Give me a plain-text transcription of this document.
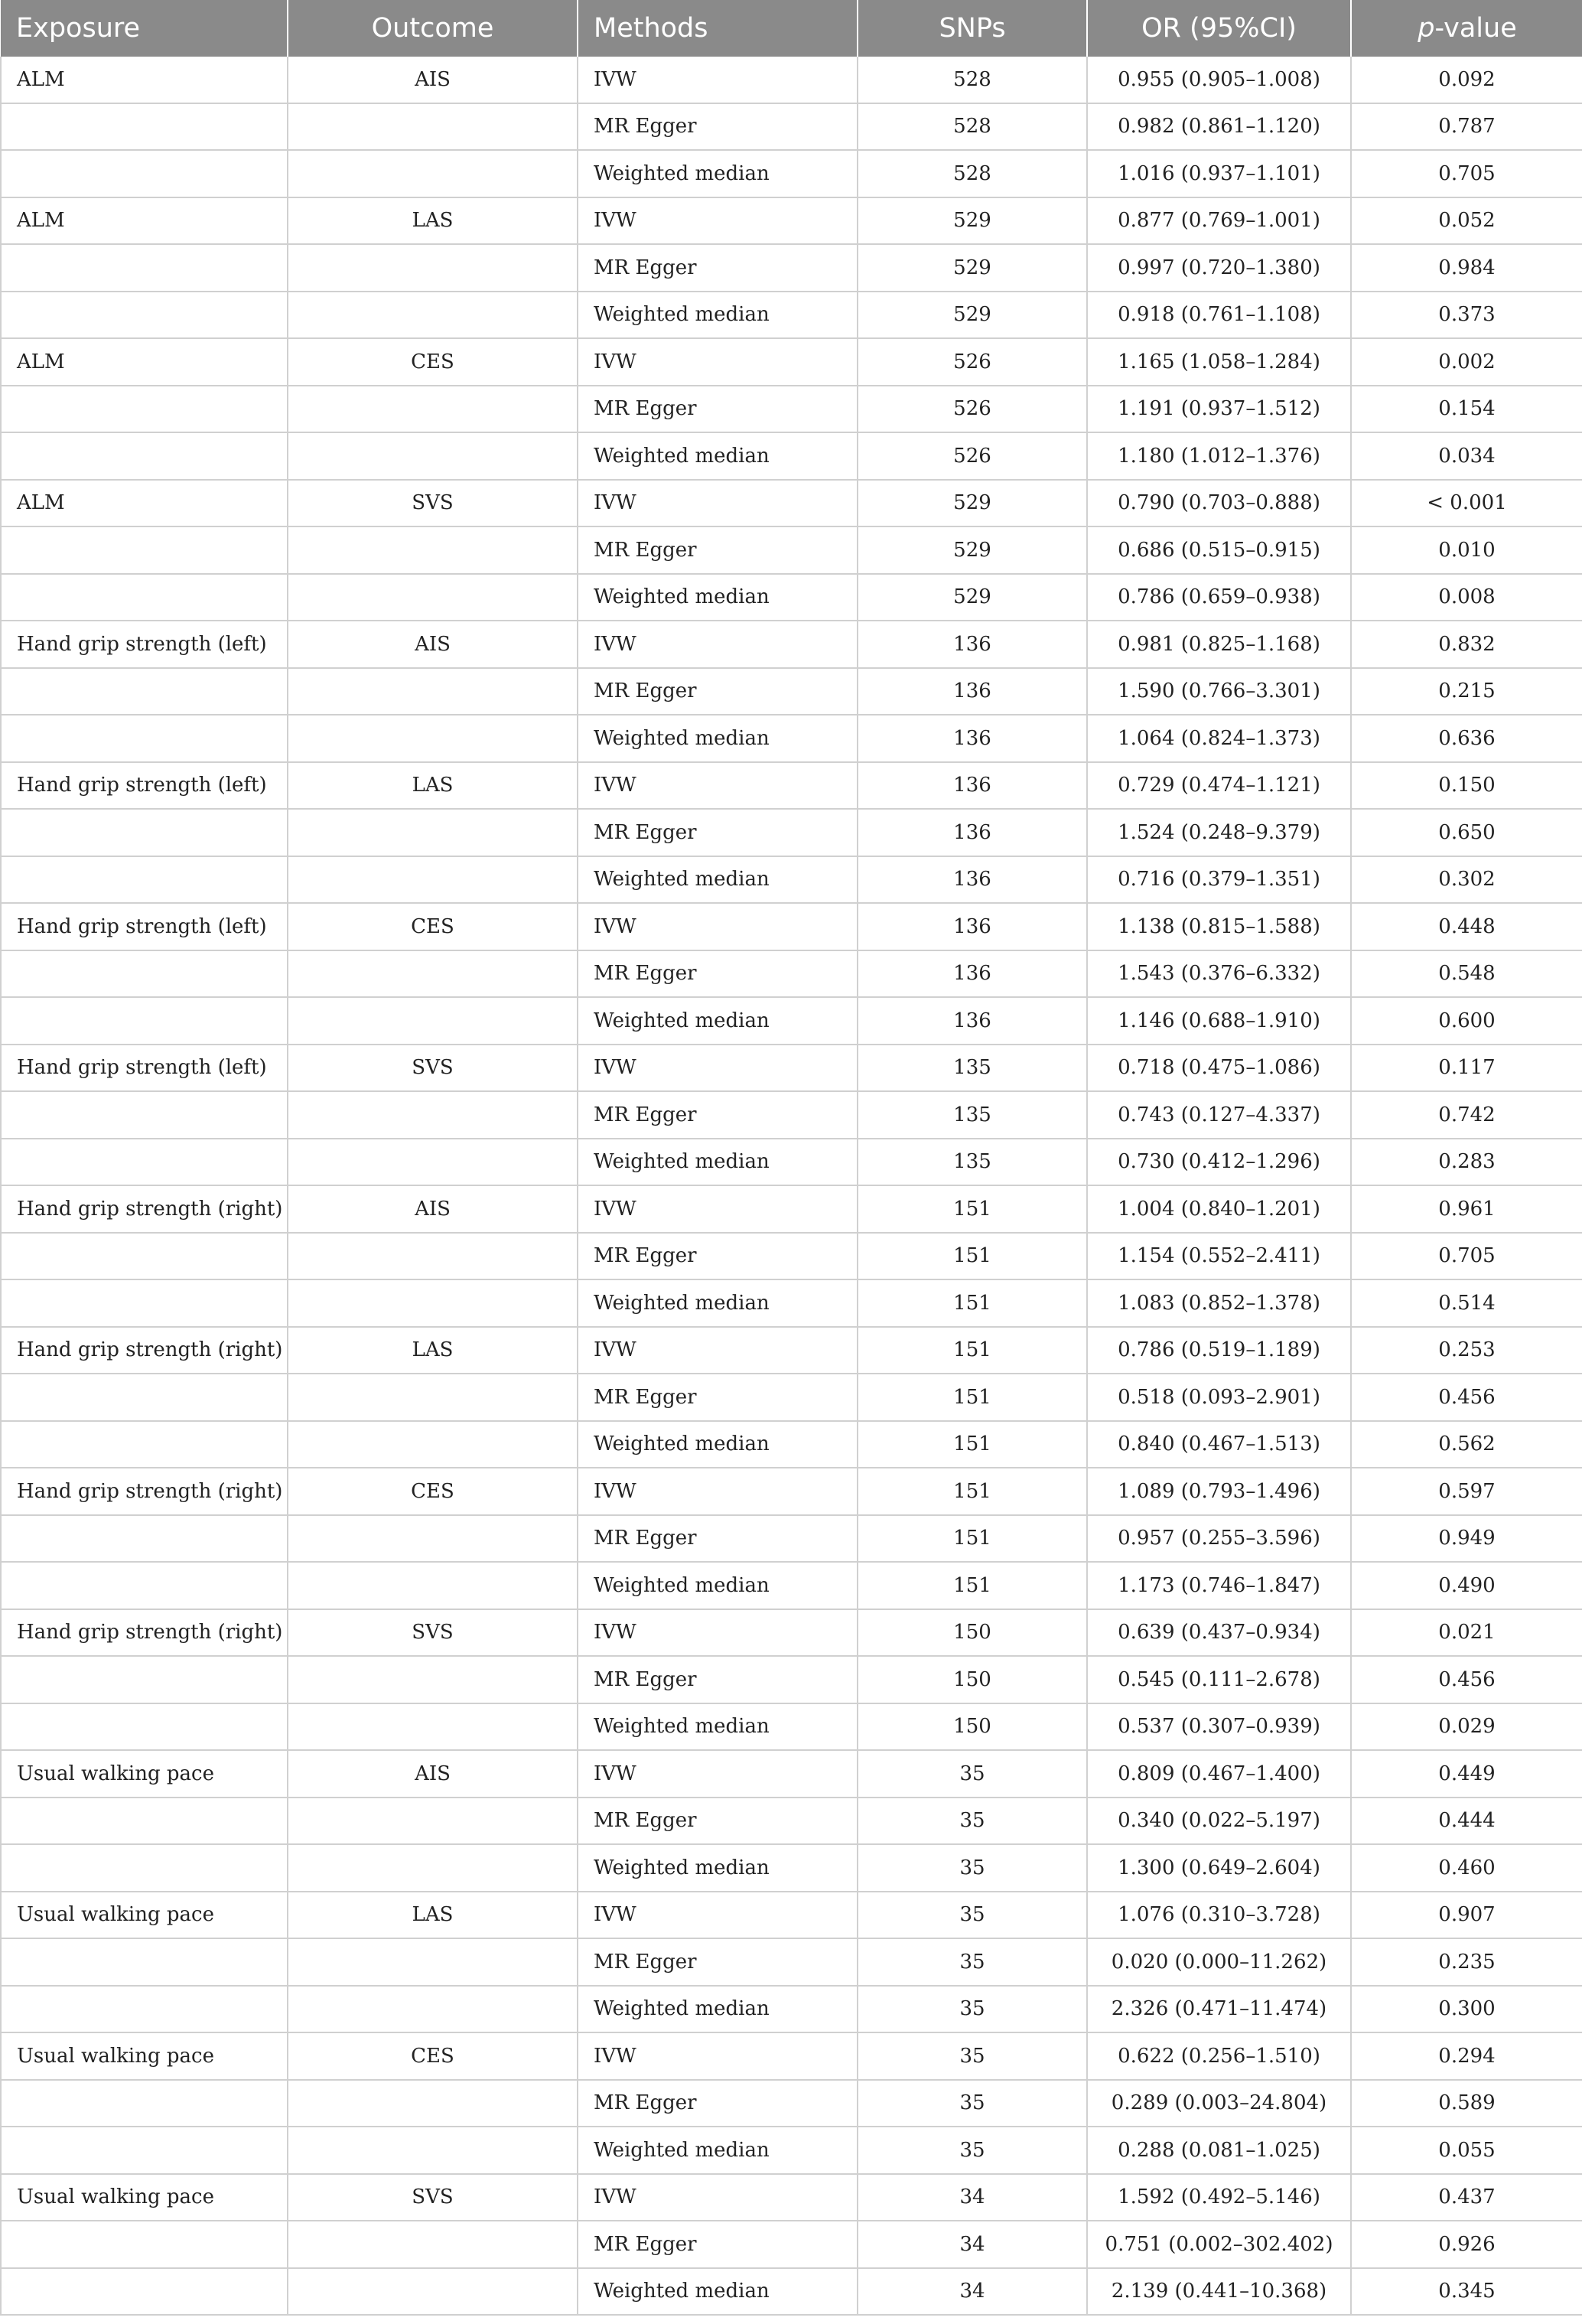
Exposure	Outcome	Methods	SNPs	OR (95%CI)	p-value
ALM	AIS	IVW	528	0.955 (0.905–1.008)	0.092
		MR Egger	528	0.982 (0.861–1.120)	0.787
		Weighted median	528	1.016 (0.937–1.101)	0.705
ALM	LAS	IVW	529	0.877 (0.769–1.001)	0.052
		MR Egger	529	0.997 (0.720–1.380)	0.984
		Weighted median	529	0.918 (0.761–1.108)	0.373
ALM	CES	IVW	526	1.165 (1.058–1.284)	0.002
		MR Egger	526	1.191 (0.937–1.512)	0.154
		Weighted median	526	1.180 (1.012–1.376)	0.034
ALM	SVS	IVW	529	0.790 (0.703–0.888)	< 0.001
		MR Egger	529	0.686 (0.515–0.915)	0.010
		Weighted median	529	0.786 (0.659–0.938)	0.008
Hand grip strength (left)	AIS	IVW	136	0.981 (0.825–1.168)	0.832
		MR Egger	136	1.590 (0.766–3.301)	0.215
		Weighted median	136	1.064 (0.824–1.373)	0.636
Hand grip strength (left)	LAS	IVW	136	0.729 (0.474–1.121)	0.150
		MR Egger	136	1.524 (0.248–9.379)	0.650
		Weighted median	136	0.716 (0.379–1.351)	0.302
Hand grip strength (left)	CES	IVW	136	1.138 (0.815–1.588)	0.448
		MR Egger	136	1.543 (0.376–6.332)	0.548
		Weighted median	136	1.146 (0.688–1.910)	0.600
Hand grip strength (left)	SVS	IVW	135	0.718 (0.475–1.086)	0.117
		MR Egger	135	0.743 (0.127–4.337)	0.742
		Weighted median	135	0.730 (0.412–1.296)	0.283
Hand grip strength (right)	AIS	IVW	151	1.004 (0.840–1.201)	0.961
		MR Egger	151	1.154 (0.552–2.411)	0.705
		Weighted median	151	1.083 (0.852–1.378)	0.514
Hand grip strength (right)	LAS	IVW	151	0.786 (0.519–1.189)	0.253
		MR Egger	151	0.518 (0.093–2.901)	0.456
		Weighted median	151	0.840 (0.467–1.513)	0.562
Hand grip strength (right)	CES	IVW	151	1.089 (0.793–1.496)	0.597
		MR Egger	151	0.957 (0.255–3.596)	0.949
		Weighted median	151	1.173 (0.746–1.847)	0.490
Hand grip strength (right)	SVS	IVW	150	0.639 (0.437–0.934)	0.021
		MR Egger	150	0.545 (0.111–2.678)	0.456
		Weighted median	150	0.537 (0.307–0.939)	0.029
Usual walking pace	AIS	IVW	35	0.809 (0.467–1.400)	0.449
		MR Egger	35	0.340 (0.022–5.197)	0.444
		Weighted median	35	1.300 (0.649–2.604)	0.460
Usual walking pace	LAS	IVW	35	1.076 (0.310–3.728)	0.907
		MR Egger	35	0.020 (0.000–11.262)	0.235
		Weighted median	35	2.326 (0.471–11.474)	0.300
Usual walking pace	CES	IVW	35	0.622 (0.256–1.510)	0.294
		MR Egger	35	0.289 (0.003–24.804)	0.589
		Weighted median	35	0.288 (0.081–1.025)	0.055
Usual walking pace	SVS	IVW	34	1.592 (0.492–5.146)	0.437
		MR Egger	34	0.751 (0.002–302.402)	0.926
		Weighted median	34	2.139 (0.441–10.368)	0.345
